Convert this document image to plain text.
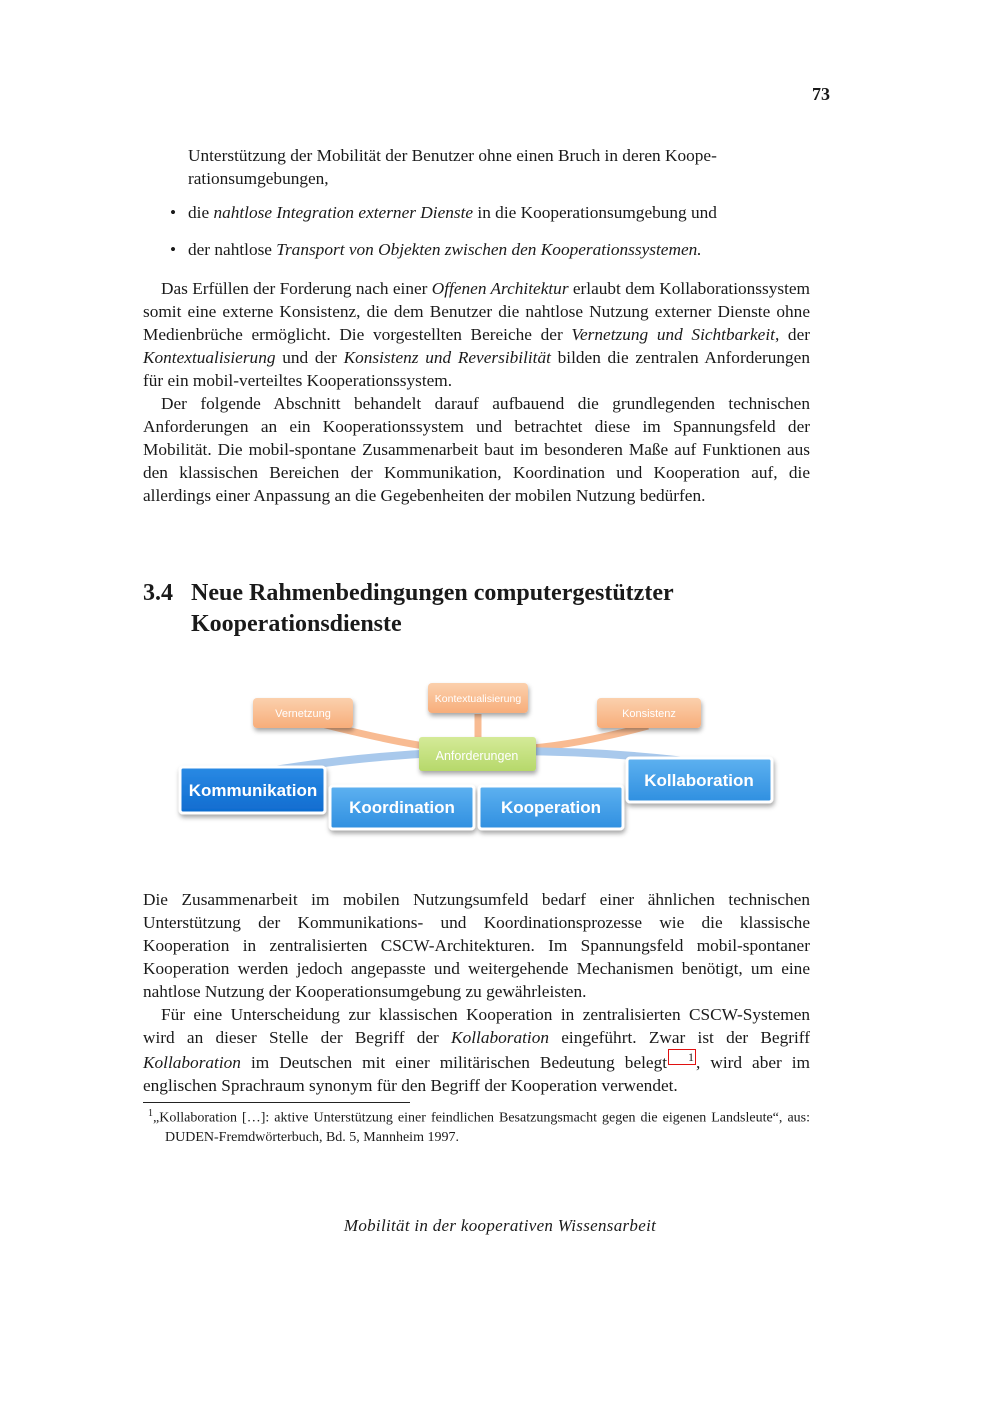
73
Unterstützung der Mobilität der Benutzer ohne einen Bruch in deren Koope-
rationsumgebungen,
• die nahtlose Integration externer Dienste in die Kooperationsumgebung und
• der nahtlose Transport von Objekten zwischen den Kooperationssystemen.

Das Erfüllen der Forderung nach einer Offenen Architektur erlaubt dem Kollaborationssystem somit eine externe Konsistenz, die dem Benutzer die nahtlose Nutzung externer Dienste ohne Medienbrüche ermöglicht. Die vorgestellten Bereiche der Vernetzung und Sichtbarkeit, der Kontextualisierung und der Konsistenz und Reversibilität bilden die zentralen Anforderungen für ein mobil-verteiltes Kooperationssystem.

Der folgende Abschnitt behandelt darauf aufbauend die grundlegenden technischen Anforderungen an ein Kooperationssystem und betrachtet diese im Spannungsfeld der Mobilität. Die mobil-spontane Zusammenarbeit baut im besonderen Maße auf Funktionen aus den klassischen Bereichen der Kommunikation, Koordination und Kooperation auf, die allerdings einer Anpassung an die Gegebenheiten der mobilen Nutzung bedürfen.

3.4 Neue Rahmenbedingungen computergestützter Kooperationsdienste
Vernetzung
Kontextualisierung
Konsistenz
Anforderungen
Kommunikation
Koordination	Kooperation
Kollaboration

Die Zusammenarbeit im mobilen Nutzungsumfeld bedarf einer ähnlichen technischen Unterstützung der Kommunikations- und Koordinationsprozesse wie die klassische Kooperation in zentralisierten CSCW-Architekturen. Im Spannungsfeld mobil-spontaner Kooperation werden jedoch angepasste und weitergehende Mechanismen benötigt, um eine nahtlose Nutzung der Kooperationsumgebung zu gewährleisten.

Für eine Unterscheidung zur klassischen Kooperation in zentralisierten CSCW-Systemen wird an dieser Stelle der Begriff der Kollaboration eingeführt. Zwar ist der Begriff Kollaboration im Deutschen mit einer militärischen Bedeutung belegt 1 , wird aber im englischen Sprachraum synonym für den Begriff der Kooperation verwendet.

$^1$„Kollaboration […]: aktive Unterstützung einer feindlichen Besatzungsmacht gegen die eigenen Landsleute“, aus: DUDEN-Fremdwörterbuch, Bd. 5, Mannheim 1997.
Mobilität in der kooperativen Wissensarbeit
